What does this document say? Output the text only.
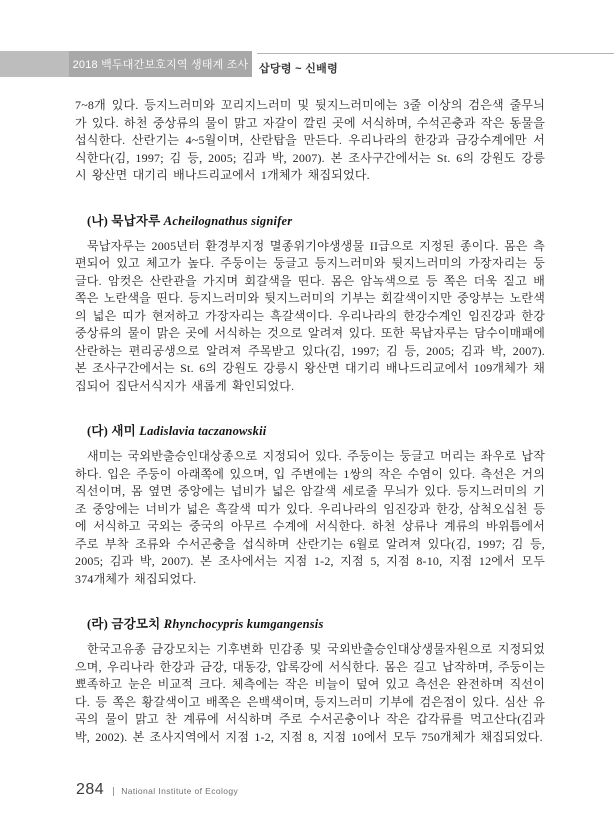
2018 백두대간보호지역 생태계 조사 삽당령 ~ 신배령

7~8개 있다. 등지느러미와 꼬리지느러미 및 뒷지느러미에는 3줄 이상의 검은색 줄무늬가 있다. 하천 중상류의 물이 맑고 자갈이 깔린 곳에 서식하며, 수석곤충과 작은 동물을 섭식한다. 산란기는 4~5월이며, 산란탑을 만든다. 우리나라의 한강과 금강수계에만 서식한다(김, 1997; 김 등, 2005; 김과 박, 2007). 본 조사구간에서는 St. 6의 강원도 강릉시 왕산면 대기리 배나드리교에서 1개체가 채집되었다.

(나) 묵납자루 Acheilognathus signifer

묵납자루는 2005년터 환경부지정 멸종위기야생생물 II급으로 지정된 종이다. 몸은 측편되어 있고 체고가 높다. 주둥이는 둥글고 등지느러미와 뒷지느러미의 가장자리는 둥글다. 암컷은 산란관을 가지며 회갈색을 띤다. 몸은 암녹색으로 등 쪽은 더욱 짙고 배 쪽은 노란색을 띤다. 등지느러미와 뒷지느러미의 기부는 회갈색이지만 중앙부는 노란색의 넓은 띠가 현저하고 가장자리는 흑갈색이다. 우리나라의 한강수계인 임진강과 한강 중상류의 물이 맑은 곳에 서식하는 것으로 알려져 있다. 또한 묵납자루는 담수이매패에 산란하는 편리공생으로 알려져 주목받고 있다(김, 1997; 김 등, 2005; 김과 박, 2007). 본 조사구간에서는 St. 6의 강원도 강릉시 왕산면 대기리 배나드리교에서 109개체가 채집되어 집단서식지가 새롭게 확인되었다.

(다) 새미 Ladislavia taczanowskii

새미는 국외반출승인대상종으로 지정되어 있다. 주둥이는 둥글고 머리는 좌우로 납작하다. 입은 주둥이 아래쪽에 있으며, 입 주변에는 1쌍의 작은 수염이 있다. 측선은 거의 직선이며, 몸 옆면 중앙에는 넙비가 넓은 암갈색 세로줄 무늬가 있다. 등지느러미의 기조 중앙에는 너비가 넓은 흑갈색 띠가 있다. 우리나라의 임진강과 한강, 삼척오십천 등에 서식하고 국외는 중국의 아무르 수계에 서식한다. 하천 상류나 계류의 바위틈에서 주로 부착 조류와 수서곤충을 섭식하며 산란기는 6월로 알려져 있다(김, 1997; 김 등, 2005; 김과 박, 2007). 본 조사에서는 지점 1-2, 지점 5, 지점 8-10, 지점 12에서 모두 374개체가 채집되었다.

(라) 금강모치 Rhynchocypris kumgangensis

한국고유종 금강모치는 기후변화 민감종 및 국외반출승인대상생물자원으로 지정되었으며, 우리나라 한강과 금강, 대동강, 압록강에 서식한다. 몸은 길고 납작하며, 주둥이는 뾰족하고 눈은 비교적 크다. 체측에는 작은 비늘이 덮여 있고 측선은 완전하며 직선이다. 등 쪽은 황갈색이고 배쪽은 은백색이며, 등지느러미 기부에 검은점이 있다. 심산 유곡의 물이 맑고 찬 계류에 서식하며 주로 수서곤충이나 작은 갑각류를 먹고산다(김과 박, 2002). 본 조사지역에서 지점 1-2, 지점 8, 지점 10에서 모두 750개체가 채집되었다.

284 National Institute of Ecology
